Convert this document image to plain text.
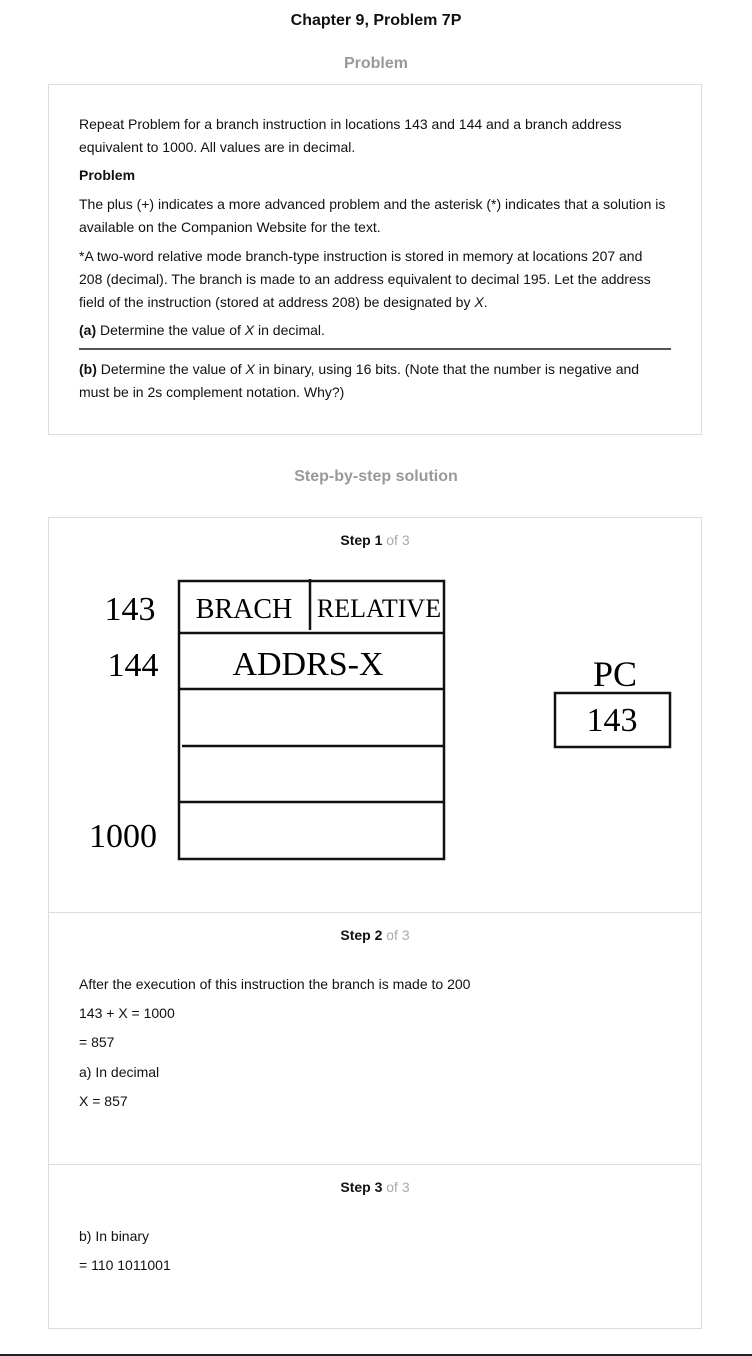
Chapter 9, Problem 7P
Problem
Repeat Problem for a branch instruction in locations 143 and 144 and a branch address equivalent to 1000. All values are in decimal.
Problem
The plus (+) indicates a more advanced problem and the asterisk (*) indicates that a solution is available on the Companion Website for the text.
*A two-word relative mode branch-type instruction is stored in memory at locations 207 and 208 (decimal). The branch is made to an address equivalent to decimal 195. Let the address field of the instruction (stored at address 208) be designated by X.
(a) Determine the value of X in decimal.
(b) Determine the value of X in binary, using 16 bits. (Note that the number is negative and must be in 2s complement notation. Why?)
Step-by-step solution
Step 1 of 3
143
144
1000
BRACH RELATIVE
ADDRS-X	PC
143
Step 2 of 3
After the execution of this instruction the branch is made to 200
143 + X = 1000
= 857
a) In decimal
X = 857
Step 3 of 3
b) In binary
= 110 1011001
